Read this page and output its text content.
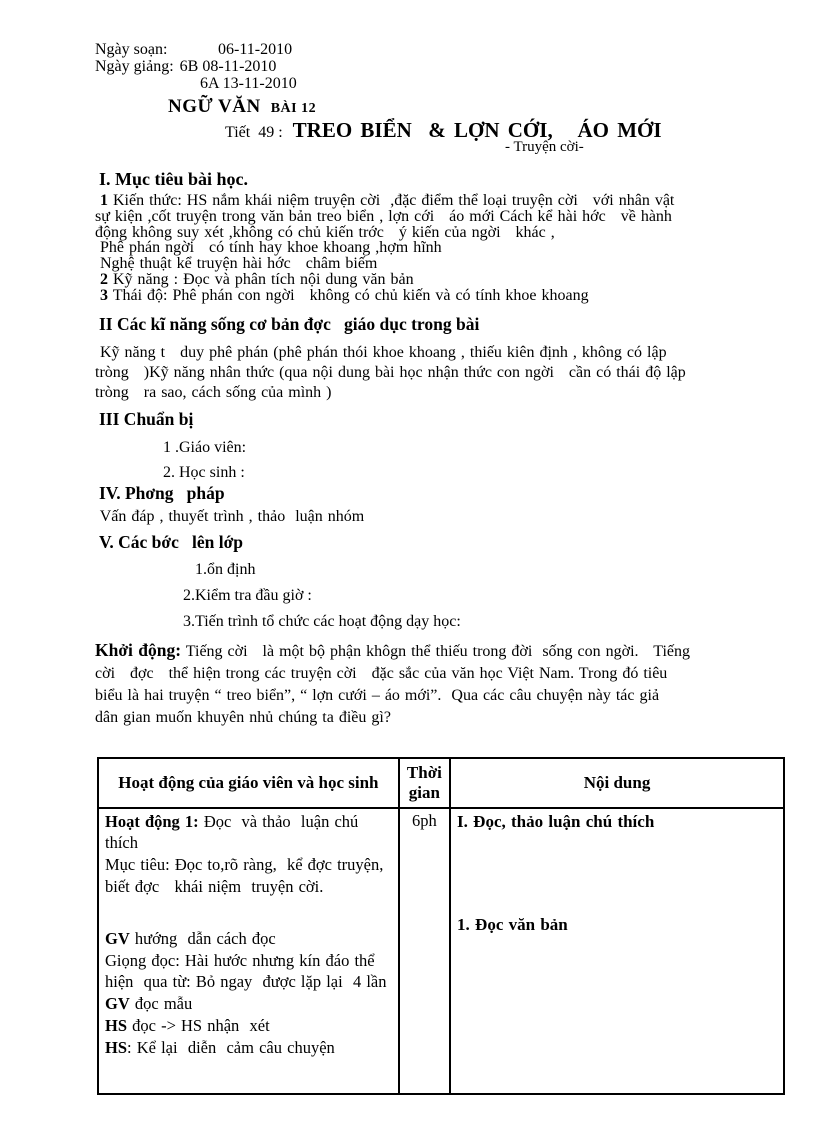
Ngày soạn:	06-11-2010
Ngày giảng: 6B 08-11-2010
6A 13-11-2010
NGỮ VĂN BÀI 12
Tiết  49 : TREO BIỂN  & LỢN CỚI,   ÁO MỚI
- Truyện cời-
I. Mục tiêu bài học.
1 Kiến thức: HS nắm khái niệm truyện cời  ,đặc điểm thể loại truyện cời   với nhân vật
sự kiện ,cốt truyện trong văn bản treo biển , lợn cới   áo mới Cách kể hài hớc   về hành
động không suy xét ,không có chủ kiến trớc   ý kiến của ngời   khác ,
Phê phán ngời   có tính hay khoe khoang ,hợm hĩnh
Nghệ thuật kể truyện hài hớc   châm biếm
2 Kỹ năng : Đọc và phân tích nội dung văn bản
3 Thái độ: Phê phán con ngời   không có chủ kiến và có tính khoe khoang
II Các kĩ năng sống cơ bản đợc   giáo dục trong bài
Kỹ năng t   duy phê phán (phê phán thói khoe khoang , thiếu kiên định , không có lập
tròng   )Kỹ năng nhân thức (qua nội dung bài học nhận thức con ngời   cần có thái độ lập
tròng   ra sao, cách sống của mình )
III Chuẩn bị
1 .Giáo viên:
2. Học sinh :
IV. Phơng   pháp
Vấn đáp , thuyết trình , thảo  luận nhóm
V. Các bớc   lên lớp
1.ổn định
2.Kiểm tra đầu giờ :
3.Tiến trình tổ chức các hoạt động dạy học:
Khởi động: Tiếng cời   là một bộ phận khôgn thể thiếu trong đời  sống con ngời.   Tiếng
cời   đợc   thể hiện trong các truyện cời   đặc sắc của văn học Việt Nam. Trong đó tiêu
biểu là hai truyện “ treo biển”, “ lợn cưới – áo mới”.  Qua các câu chuyện này tác giả
dân gian muốn khuyên nhủ chúng ta điều gì?
Hoạt động của giáo viên và học sinh	Thời gian	Nội dung

Hoạt động 1: Đọc  và thảo  luận chú thích
Mục tiêu: Đọc to,rõ ràng,  kể đợc truyện, biết đợc   khái niệm  truyện cời.
GV hướng  dẫn cách đọc
Giọng đọc: Hài hước nhưng kín đáo thể hiện  qua từ: Bỏ ngay  được lặp lại  4 lần
GV đọc mẫu
HS đọc -> HS nhận  xét
HS: Kể lại  diễn  cảm câu chuyện
	6ph	I. Đọc, thảo luận chú thích
1. Đọc văn bản
